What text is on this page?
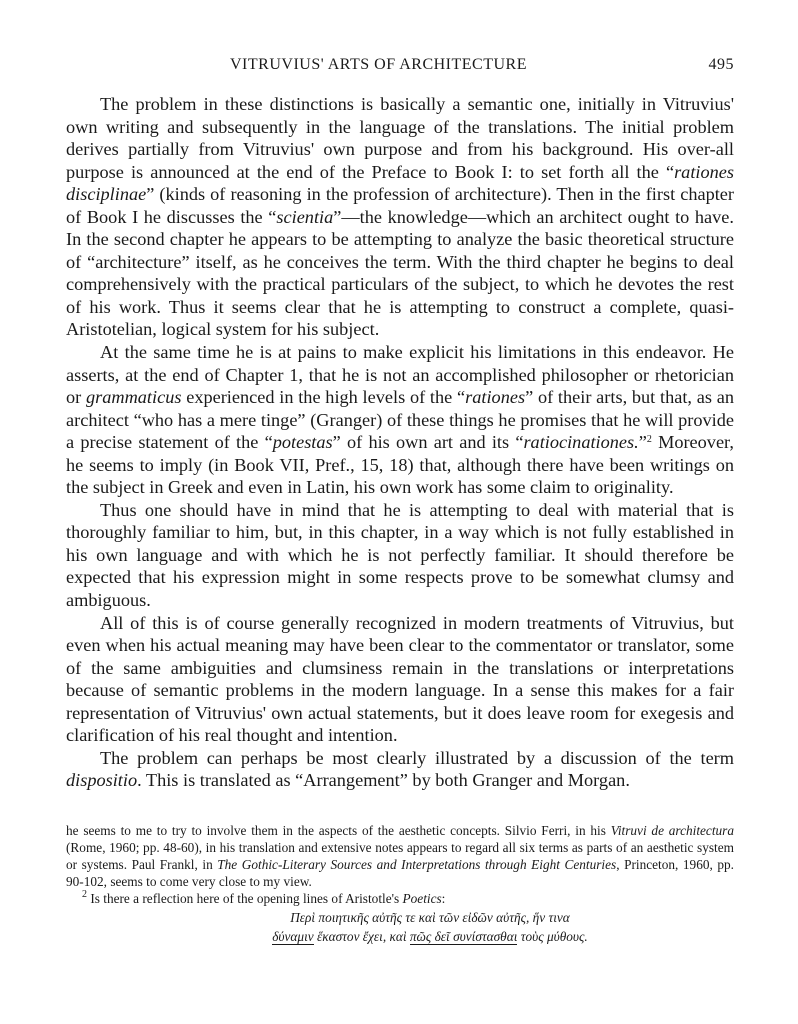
VITRUVIUS' ARTS OF ARCHITECTURE	495

The problem in these distinctions is basically a semantic one, initially in Vitruvius' own writing and subsequently in the language of the translations. The initial problem derives partially from Vitruvius' own purpose and from his background. His over-all purpose is announced at the end of the Preface to Book I: to set forth all the “rationes disciplinae” (kinds of reasoning in the profession of architecture). Then in the first chapter of Book I he discusses the “scientia”—the knowledge—which an architect ought to have. In the second chapter he appears to be attempting to analyze the basic theoretical structure of “architecture” itself, as he conceives the term. With the third chapter he begins to deal comprehensively with the practical particulars of the subject, to which he devotes the rest of his work. Thus it seems clear that he is attempting to construct a complete, quasi-Aristotelian, logical system for his subject.

At the same time he is at pains to make explicit his limitations in this endeavor. He asserts, at the end of Chapter 1, that he is not an accomplished philosopher or rhetorician or grammaticus experienced in the high levels of the “rationes” of their arts, but that, as an architect “who has a mere tinge” (Granger) of these things he promises that he will provide a precise statement of the “potestas” of his own art and its “ratiocinationes.”$^2$ Moreover, he seems to imply (in Book VII, Pref., 15, 18) that, although there have been writings on the subject in Greek and even in Latin, his own work has some claim to originality.

Thus one should have in mind that he is attempting to deal with material that is thoroughly familiar to him, but, in this chapter, in a way which is not fully established in his own language and with which he is not perfectly familiar. It should therefore be expected that his expression might in some respects prove to be somewhat clumsy and ambiguous.

All of this is of course generally recognized in modern treatments of Vitruvius, but even when his actual meaning may have been clear to the commentator or translator, some of the same ambiguities and clumsiness remain in the translations or interpretations because of semantic problems in the modern language. In a sense this makes for a fair representation of Vitruvius' own actual statements, but it does leave room for exegesis and clarification of his real thought and intention.

The problem can perhaps be most clearly illustrated by a discussion of the term dispositio. This is translated as “Arrangement” by both Granger and Morgan.

he seems to me to try to involve them in the aspects of the aesthetic concepts. Silvio Ferri, in his Vitruvi de architectura (Rome, 1960; pp. 48-60), in his translation and extensive notes appears to regard all six terms as parts of an aesthetic system or systems. Paul Frankl, in The Gothic-Literary Sources and Interpretations through Eight Centuries, Princeton, 1960, pp. 90-102, seems to come very close to my view.

$^2$ Is there a reflection here of the opening lines of Aristotle's Poetics:

Περὶ ποιητικῆς αὐτῆς τε καὶ τῶν εἰδῶν αὐτῆς, ἥν τινα
δύναμιν ἕκαστον ἔχει, καὶ πῶς δεῖ συνίστασθαι τοὺς μύθους.
